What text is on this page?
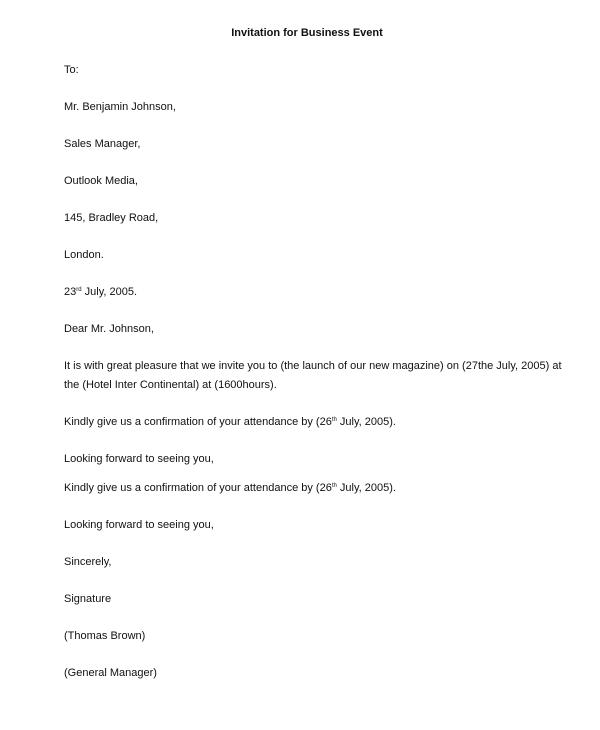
Invitation for Business Event
To:
Mr. Benjamin Johnson,
Sales Manager,
Outlook Media,
145, Bradley Road,
London.
23rd July, 2005.
Dear Mr. Johnson,
It is with great pleasure that we invite you to (the launch of our new magazine) on (27the July, 2005) at
the (Hotel Inter Continental) at (1600hours).
Kindly give us a confirmation of your attendance by (26th July, 2005).
Looking forward to seeing you,
Kindly give us a confirmation of your attendance by (26th July, 2005).
Looking forward to seeing you,
Sincerely,
Signature
(Thomas Brown)
(General Manager)
